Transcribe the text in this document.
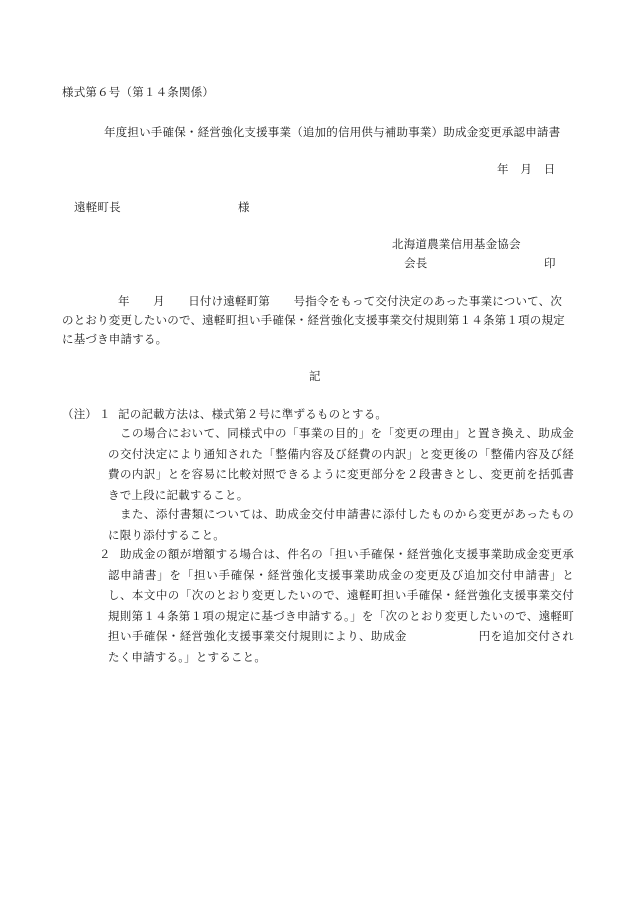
様式第６号（第１４条関係）
年度担い手確保・経営強化支援事業（追加的信用供与補助事業）助成金変更承認申請書
年　月　日
遠軽町長	様
北海道農業信用基金協会
会長	印
年　　月　　日付け遠軽町第　　号指令をもって交付決定のあった事業について、次
のとおり変更したいので、遠軽町担い手確保・経営強化支援事業交付規則第１４条第１項の規定
に基づき申請する。
記
（注） １ 記の記載方法は、様式第２号に準ずるものとする。
この場合において、同様式中の「事業の目的」を「変更の理由」と置き換え、助成金の交付決定により通知された「整備内容及び経費の内訳」と変更後の「整備内容及び経費の内訳」とを容易に比較対照できるように変更部分を２段書きとし、変更前を括弧書きで上段に記載すること。
また、添付書類については、助成金交付申請書に添付したものから変更があったものに限り添付すること。
２ 助成金の額が増額する場合は、件名の「担い手確保・経営強化支援事業助成金変更承認申請書」を「担い手確保・経営強化支援事業助成金の変更及び追加交付申請書」とし、本文中の「次のとおり変更したいので、遠軽町担い手確保・経営強化支援事業交付規則第１４条第１項の規定に基づき申請する。」を「次のとおり変更したいので、遠軽町担い手確保・経営強化支援事業交付規則により、助成金　　　　　　円を追加交付されたく申請する。」とすること。
